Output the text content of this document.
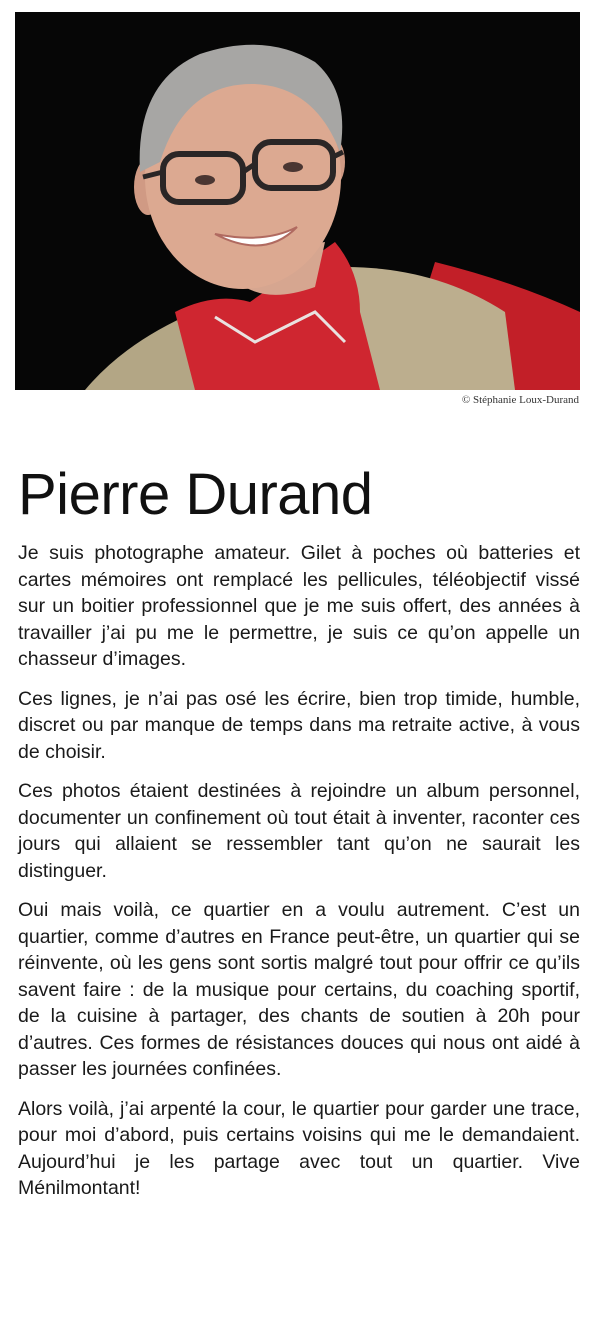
© Stéphanie Loux-Durand
Pierre Durand

Je suis photographe amateur. Gilet à poches où batteries et cartes mémoires ont remplacé les pellicules, téléobjectif vissé sur un boitier professionnel que je me suis offert, des années à travailler j’ai pu me le permettre, je suis ce qu’on appelle un chasseur d’images.

Ces lignes, je n’ai pas osé les écrire, bien trop timide, humble, discret ou par manque de temps dans ma retraite active, à vous de choisir.

Ces photos étaient destinées à rejoindre un album personnel, documenter un confinement où tout était à inventer, raconter ces jours qui allaient se ressembler tant qu’on ne saurait les distinguer.

Oui mais voilà, ce quartier en a voulu autrement. C’est un quartier, comme d’autres en France peut-être, un quartier qui se réinvente, où les gens sont sortis malgré tout pour offrir ce qu’ils savent faire : de la musique pour certains, du coaching sportif, de la cuisine à partager, des chants de soutien à 20h pour d’autres. Ces formes de résistances douces qui nous ont aidé à passer les journées confinées.

Alors voilà, j’ai arpenté la cour, le quartier pour garder une trace, pour moi d’abord, puis certains voisins qui me le demandaient. Aujourd’hui je les partage avec tout un quartier. Vive Ménilmontant!
